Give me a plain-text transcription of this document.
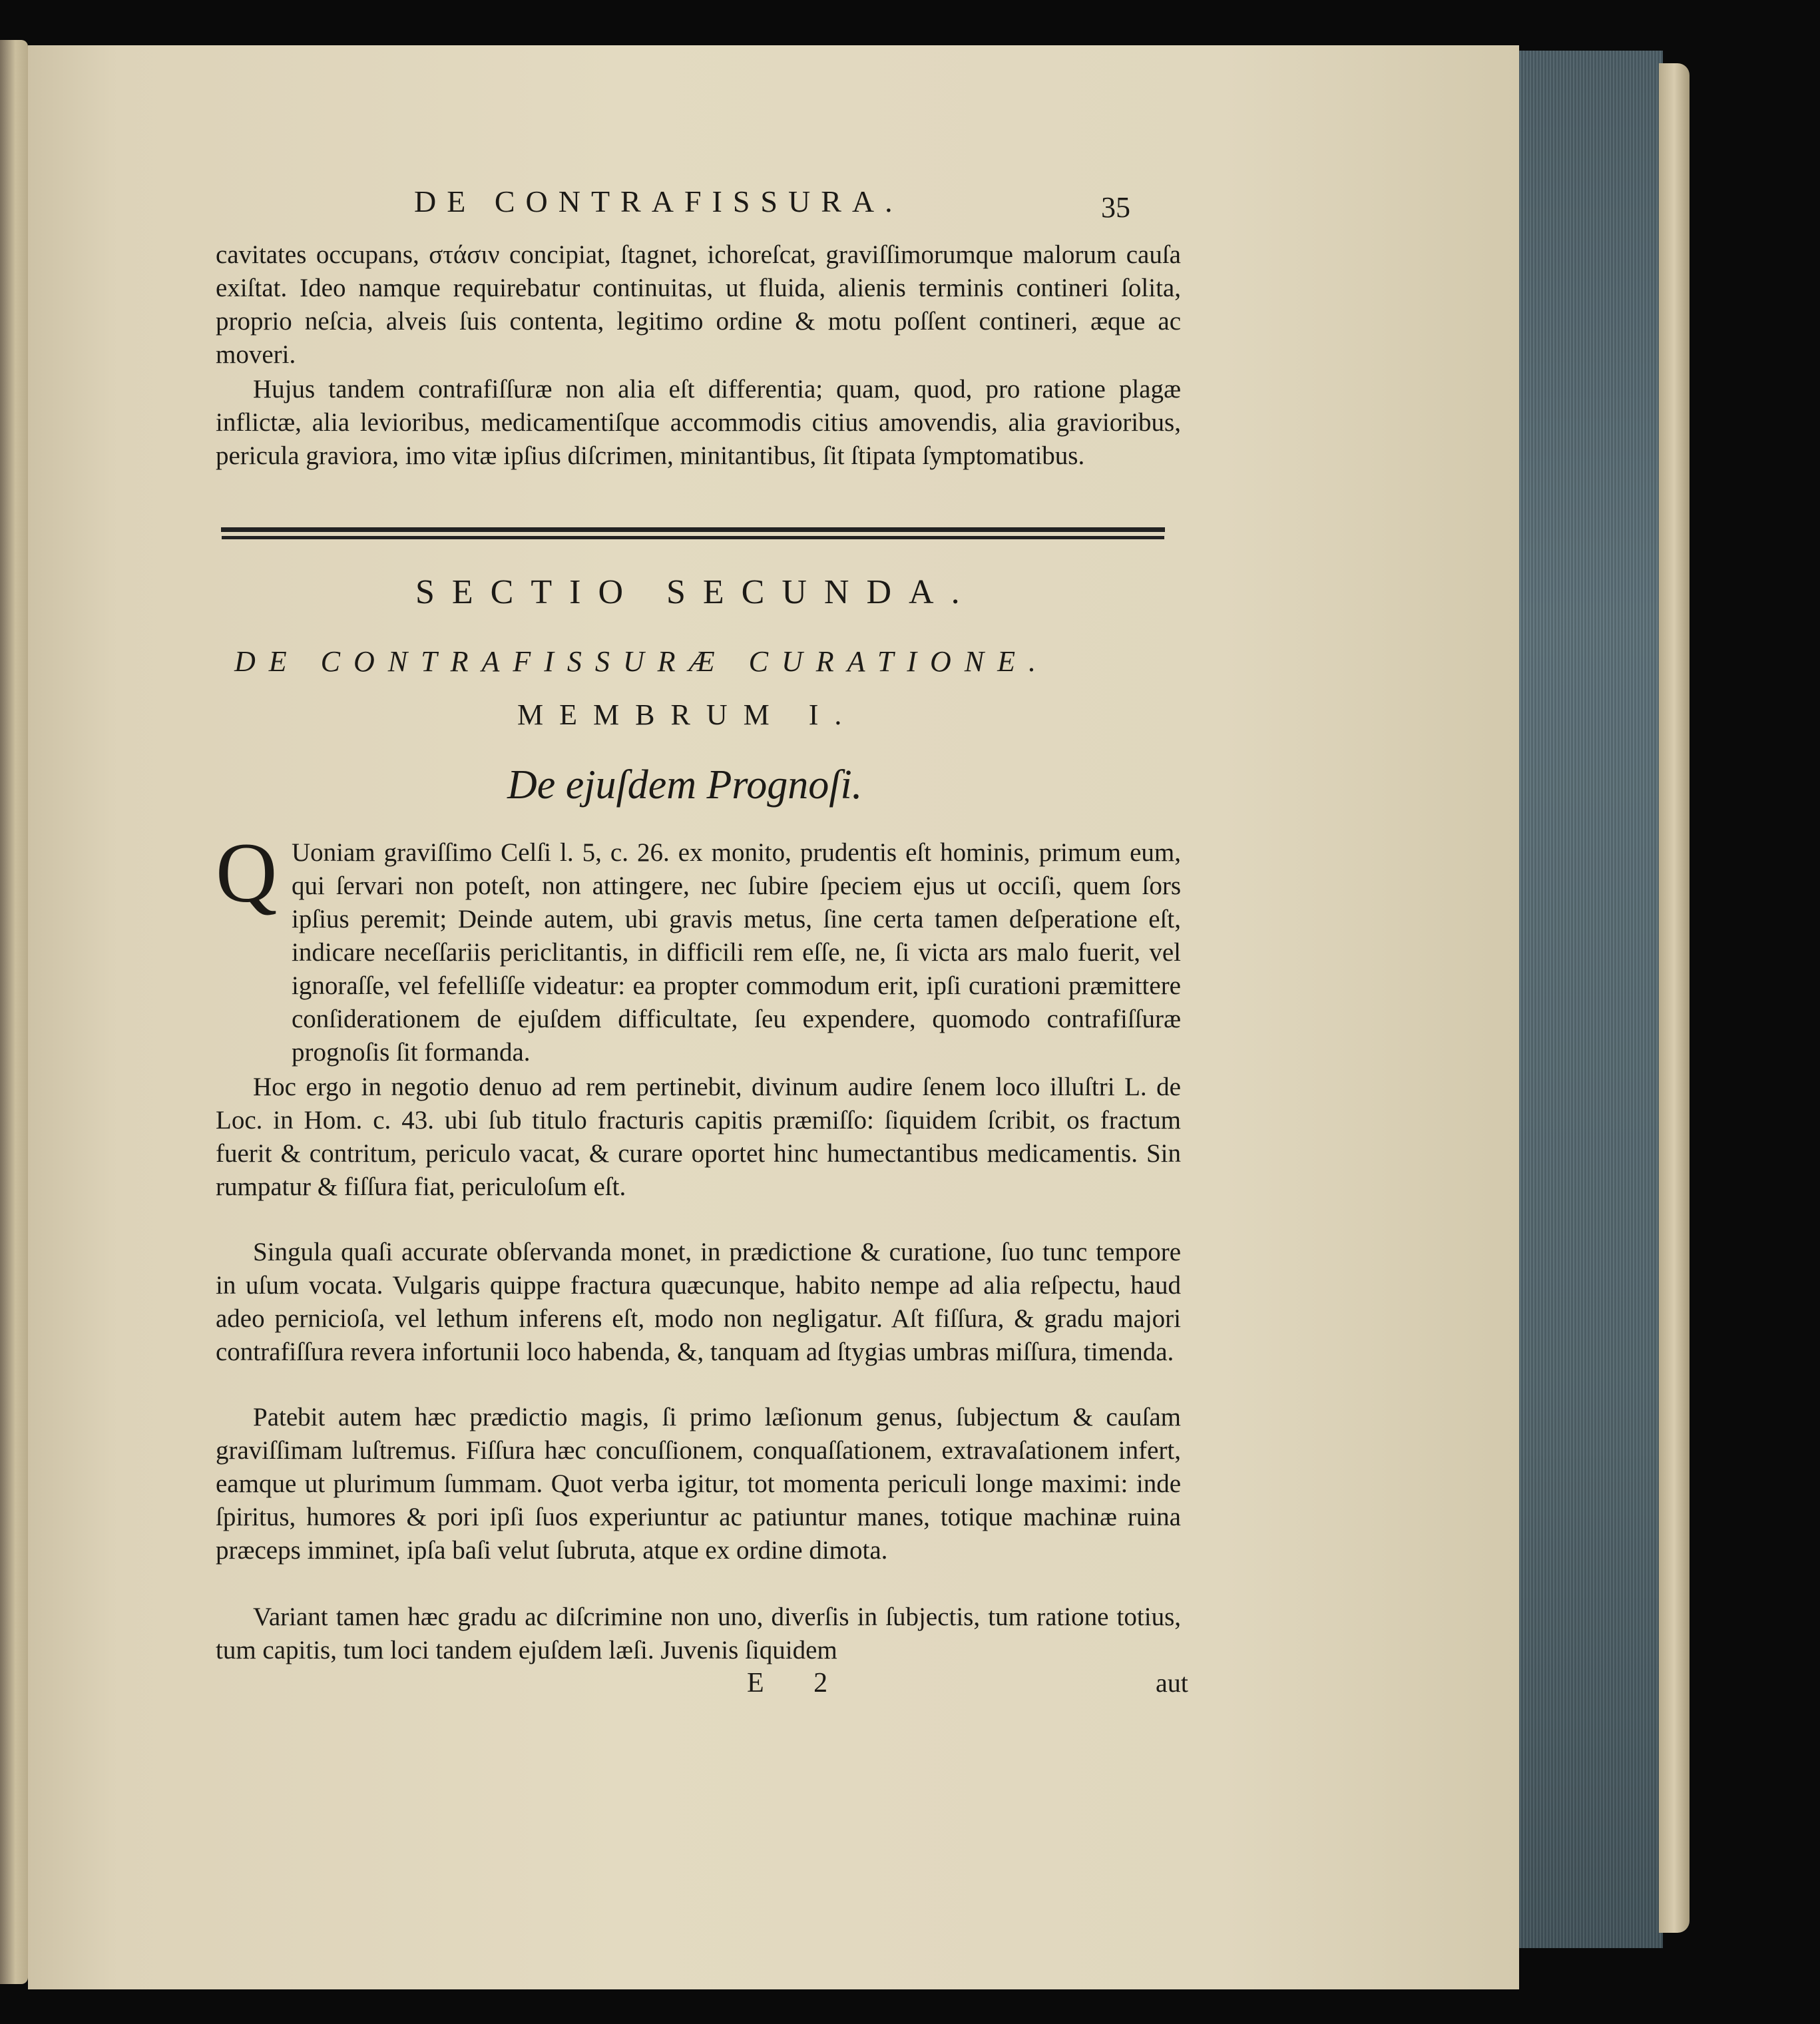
DE CONTRAFISSURA.	35
cavitates occupans, στάσιν concipiat, ſtagnet, ichoreſcat, graviſſimorumque malorum cauſa exiſtat. Ideo namque requirebatur continuitas, ut fluida, alienis terminis contineri ſolita, proprio neſcia, alveis ſuis contenta, legitimo ordine & motu poſſent contineri, æque ac moveri.
Hujus tandem contrafiſſuræ non alia eſt differentia; quam, quod, pro ratione plagæ inflictæ, alia levioribus, medicamentiſque accommodis citius amovendis, alia gravioribus, pericula graviora, imo vitæ ipſius diſcrimen, minitantibus, ſit ſtipata ſymptomatibus.
SECTIO SECUNDA.
DE CONTRAFISSURÆ CURATIONE.
MEMBRUM I.
De ejuſdem Prognoſi.
Q Uoniam graviſſimo Celſi l. 5, c. 26. ex monito, prudentis eſt hominis, primum eum, qui ſervari non poteſt, non attingere, nec ſubire ſpeciem ejus ut occiſi, quem ſors ipſius peremit; Deinde autem, ubi gravis metus, ſine certa tamen deſperatione eſt, indicare neceſſariis periclitantis, in difficili rem eſſe, ne, ſi victa ars malo fuerit, vel ignoraſſe, vel fefelliſſe videatur: ea propter commodum erit, ipſi curationi præmittere conſiderationem de ejuſdem difficultate, ſeu expendere, quomodo contrafiſſuræ prognoſis ſit formanda.
Hoc ergo in negotio denuo ad rem pertinebit, divinum audire ſenem loco illuſtri L. de Loc. in Hom. c. 43. ubi ſub titulo fracturis capitis præmiſſo: ſiquidem ſcribit, os fractum fuerit & contritum, periculo vacat, & curare oportet hinc humectantibus medicamentis. Sin rumpatur & fiſſura fiat, periculoſum eſt.
Singula quaſi accurate obſervanda monet, in prædictione & curatione, ſuo tunc tempore in uſum vocata. Vulgaris quippe fractura quæcunque, habito nempe ad alia reſpectu, haud adeo pernicioſa, vel lethum inferens eſt, modo non negligatur. Aſt fiſſura, & gradu majori contrafiſſura revera infortunii loco habenda, &, tanquam ad ſtygias umbras miſſura, timenda.
Patebit autem hæc prædictio magis, ſi primo læſionum genus, ſubjectum & cauſam graviſſimam luſtremus. Fiſſura hæc concuſſionem, conquaſſationem, extravaſationem infert, eamque ut plurimum ſummam. Quot verba igitur, tot momenta periculi longe maximi: inde ſpiritus, humores & pori ipſi ſuos experiuntur ac patiuntur manes, totique machinæ ruina præceps imminet, ipſa baſi velut ſubruta, atque ex ordine dimota.
Variant tamen hæc gradu ac diſcrimine non uno, diverſis in ſubjectis, tum ratione totius, tum capitis, tum loci tandem ejuſdem læſi. Juvenis ſiquidem
E 2	aut
